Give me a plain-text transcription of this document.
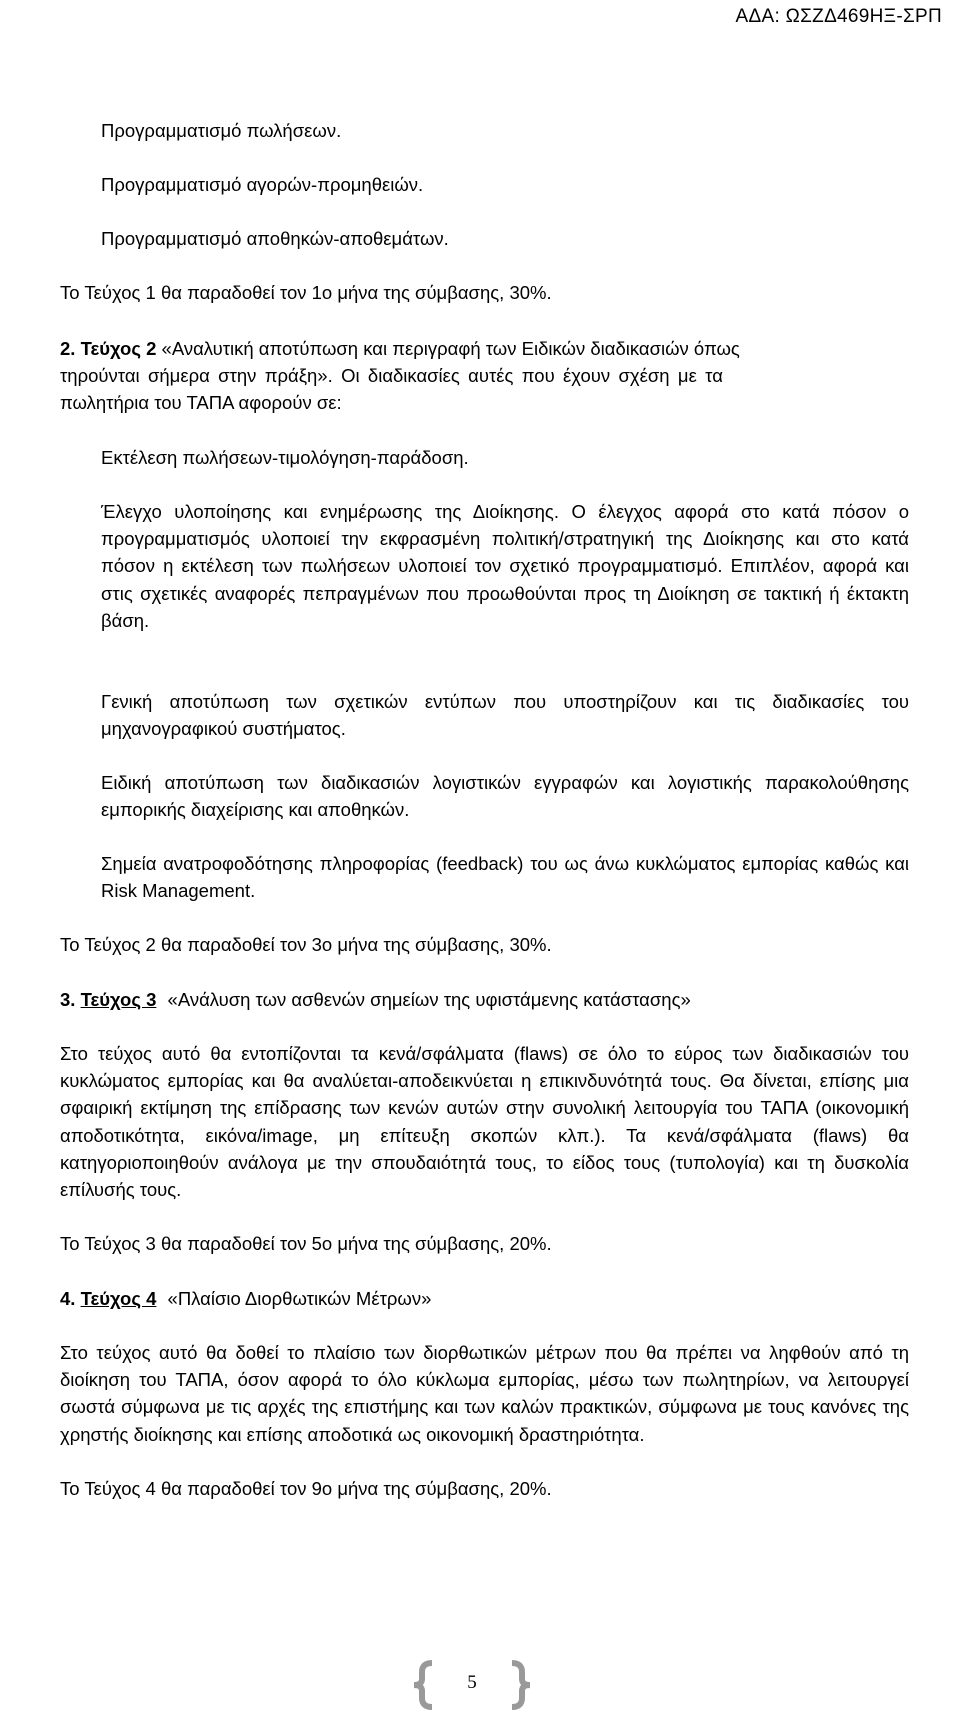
ΑΔΑ: ΩΣΖΔ469ΗΞ-ΣΡΠ

Προγραμματισμό πωλήσεων.

Προγραμματισμό αγορών-προμηθειών.

Προγραμματισμό αποθηκών-αποθεμάτων.

Το Τεύχος 1 θα παραδοθεί τον 1ο μήνα της σύμβασης, 30%.

2. Τεύχος 2 «Αναλυτική αποτύπωση και περιγραφή των Ειδικών διαδικασιών όπως

τηρούνται σήμερα στην πράξη». Οι διαδικασίες αυτές που έχουν σχέση με τα

πωλητήρια του ΤΑΠΑ αφορούν σε:

Εκτέλεση πωλήσεων-τιμολόγηση-παράδοση.

Έλεγχο υλοποίησης και ενημέρωσης της Διοίκησης. Ο έλεγχος αφορά στο κατά πόσον ο προγραμματισμός υλοποιεί την εκφρασμένη πολιτική/στρατηγική της Διοίκησης και στο κατά πόσον η εκτέλεση των πωλήσεων υλοποιεί τον σχετικό προγραμματισμό. Επιπλέον, αφορά και στις σχετικές αναφορές πεπραγμένων που προωθούνται προς τη Διοίκηση σε τακτική ή έκτακτη βάση.

Γενική αποτύπωση των σχετικών εντύπων που υποστηρίζουν και τις διαδικασίες του μηχανογραφικού συστήματος.

Ειδική αποτύπωση των διαδικασιών λογιστικών εγγραφών και λογιστικής παρακολούθησης εμπορικής διαχείρισης και αποθηκών.

Σημεία ανατροφοδότησης πληροφορίας (feedback) του ως άνω κυκλώματος εμπορίας καθώς και Risk Management.

Το Τεύχος 2 θα παραδοθεί τον 3ο μήνα της σύμβασης, 30%.

3. Τεύχος 3 «Ανάλυση των ασθενών σημείων της υφιστάμενης κατάστασης»

Στο τεύχος αυτό θα εντοπίζονται τα κενά/σφάλματα (flaws) σε όλο το εύρος των διαδικασιών του κυκλώματος εμπορίας και θα αναλύεται-αποδεικνύεται η επικινδυνότητά τους. Θα δίνεται, επίσης μια σφαιρική εκτίμηση της επίδρασης των κενών αυτών στην συνολική λειτουργία του ΤΑΠΑ (οικονομική αποδοτικότητα, εικόνα/image, μη επίτευξη σκοπών κλπ.). Τα κενά/σφάλματα (flaws) θα κατηγοριοποιηθούν ανάλογα με την σπουδαιότητά τους, το είδος τους (τυπολογία) και τη δυσκολία επίλυσής τους.

Το Τεύχος 3 θα παραδοθεί τον 5ο μήνα της σύμβασης, 20%.

4. Τεύχος 4 «Πλαίσιο Διορθωτικών Μέτρων»

Στο τεύχος αυτό θα δοθεί το πλαίσιο των διορθωτικών μέτρων που θα πρέπει να ληφθούν από τη διοίκηση του ΤΑΠΑ, όσον αφορά το όλο κύκλωμα εμπορίας, μέσω των πωλητηρίων, να λειτουργεί σωστά σύμφωνα με τις αρχές της επιστήμης και των καλών πρακτικών, σύμφωνα με τους κανόνες της χρηστής διοίκησης και επίσης αποδοτικά ως οικονομική δραστηριότητα.

Το Τεύχος 4 θα παραδοθεί τον 9ο μήνα της σύμβασης, 20%.

5
